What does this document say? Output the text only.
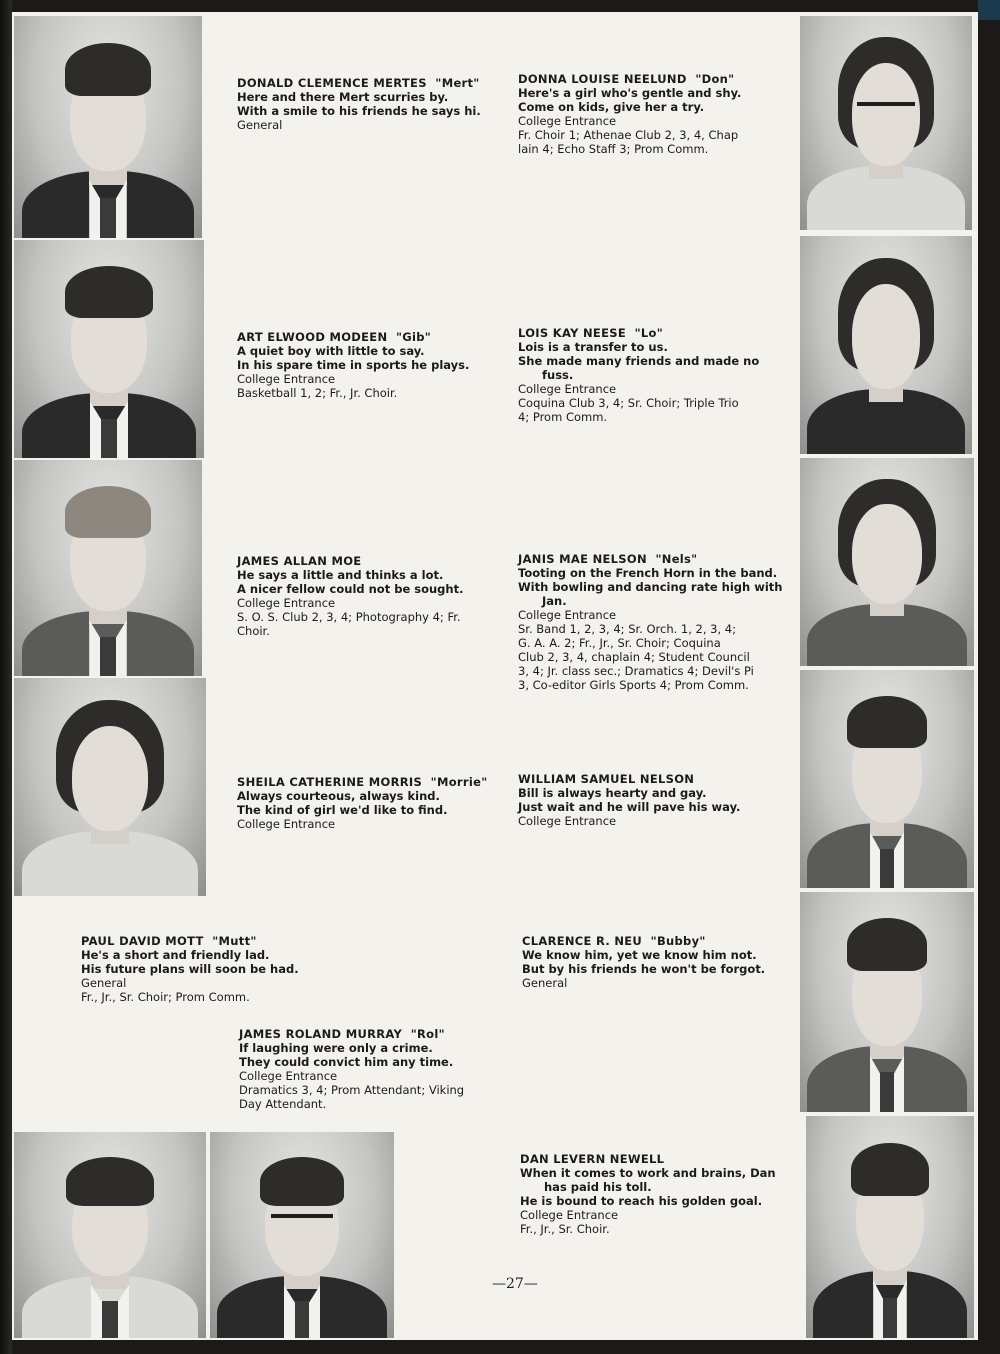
DONALD CLEMENCE MERTES "Mert"
Here and there Mert scurries by.
With a smile to his friends he says hi.
General
DONNA LOUISE NEELUND "Don"
Here's a girl who's gentle and shy.
Come on kids, give her a try.
College Entrance
Fr. Choir 1; Athenae Club 2, 3, 4, Chap
lain 4; Echo Staff 3; Prom Comm.
ART ELWOOD MODEEN "Gib"
A quiet boy with little to say.
In his spare time in sports he plays.
College Entrance
Basketball 1, 2; Fr., Jr. Choir.
LOIS KAY NEESE "Lo"
Lois is a transfer to us.
She made many friends and made no
fuss.
College Entrance
Coquina Club 3, 4; Sr. Choir; Triple Trio
4; Prom Comm.
JAMES ALLAN MOE
He says a little and thinks a lot.
A nicer fellow could not be sought.
College Entrance
S. O. S. Club 2, 3, 4; Photography 4; Fr.
Choir.
JANIS MAE NELSON "Nels"
Tooting on the French Horn in the band.
With bowling and dancing rate high with
Jan.
College Entrance
Sr. Band 1, 2, 3, 4; Sr. Orch. 1, 2, 3, 4;
G. A. A. 2; Fr., Jr., Sr. Choir; Coquina
Club 2, 3, 4, chaplain 4; Student Council
3, 4; Jr. class sec.; Dramatics 4; Devil's Pi
3, Co-editor Girls Sports 4; Prom Comm.
SHEILA CATHERINE MORRIS "Morrie"
Always courteous, always kind.
The kind of girl we'd like to find.
College Entrance
WILLIAM SAMUEL NELSON
Bill is always hearty and gay.
Just wait and he will pave his way.
College Entrance
PAUL DAVID MOTT "Mutt"
He's a short and friendly lad.
His future plans will soon be had.
General
Fr., Jr., Sr. Choir; Prom Comm.
CLARENCE R. NEU "Bubby"
We know him, yet we know him not.
But by his friends he won't be forgot.
General
JAMES ROLAND MURRAY "Rol"
If laughing were only a crime.
They could convict him any time.
College Entrance
Dramatics 3, 4; Prom Attendant; Viking
Day Attendant.
DAN LEVERN NEWELL
When it comes to work and brains, Dan
has paid his toll.
He is bound to reach his golden goal.
College Entrance
Fr., Jr., Sr. Choir.
—27—
